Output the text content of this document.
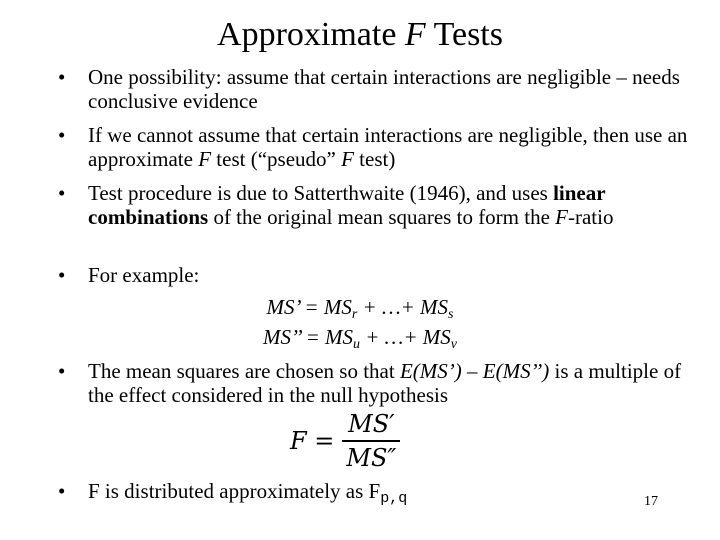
Approximate F Tests
• One possibility: assume that certain interactions are negligible – needs conclusive evidence
• If we cannot assume that certain interactions are negligible, then use an approximate F test (“pseudo” F test)
• Test procedure is due to Satterthwaite (1946), and uses linear combinations of the original mean squares to form the F-ratio
• For example:
MS’ = $MS_r$ + …+ $MS_s$
MS’’ = $MS_u$ + …+ $MS_v$
• The mean squares are chosen so that E(MS’) – E(MS’’) is a multiple of the effect considered in the null hypothesis
$F = \frac{MS'}{MS''}$
• F is distributed approximately as Fp,q	17
